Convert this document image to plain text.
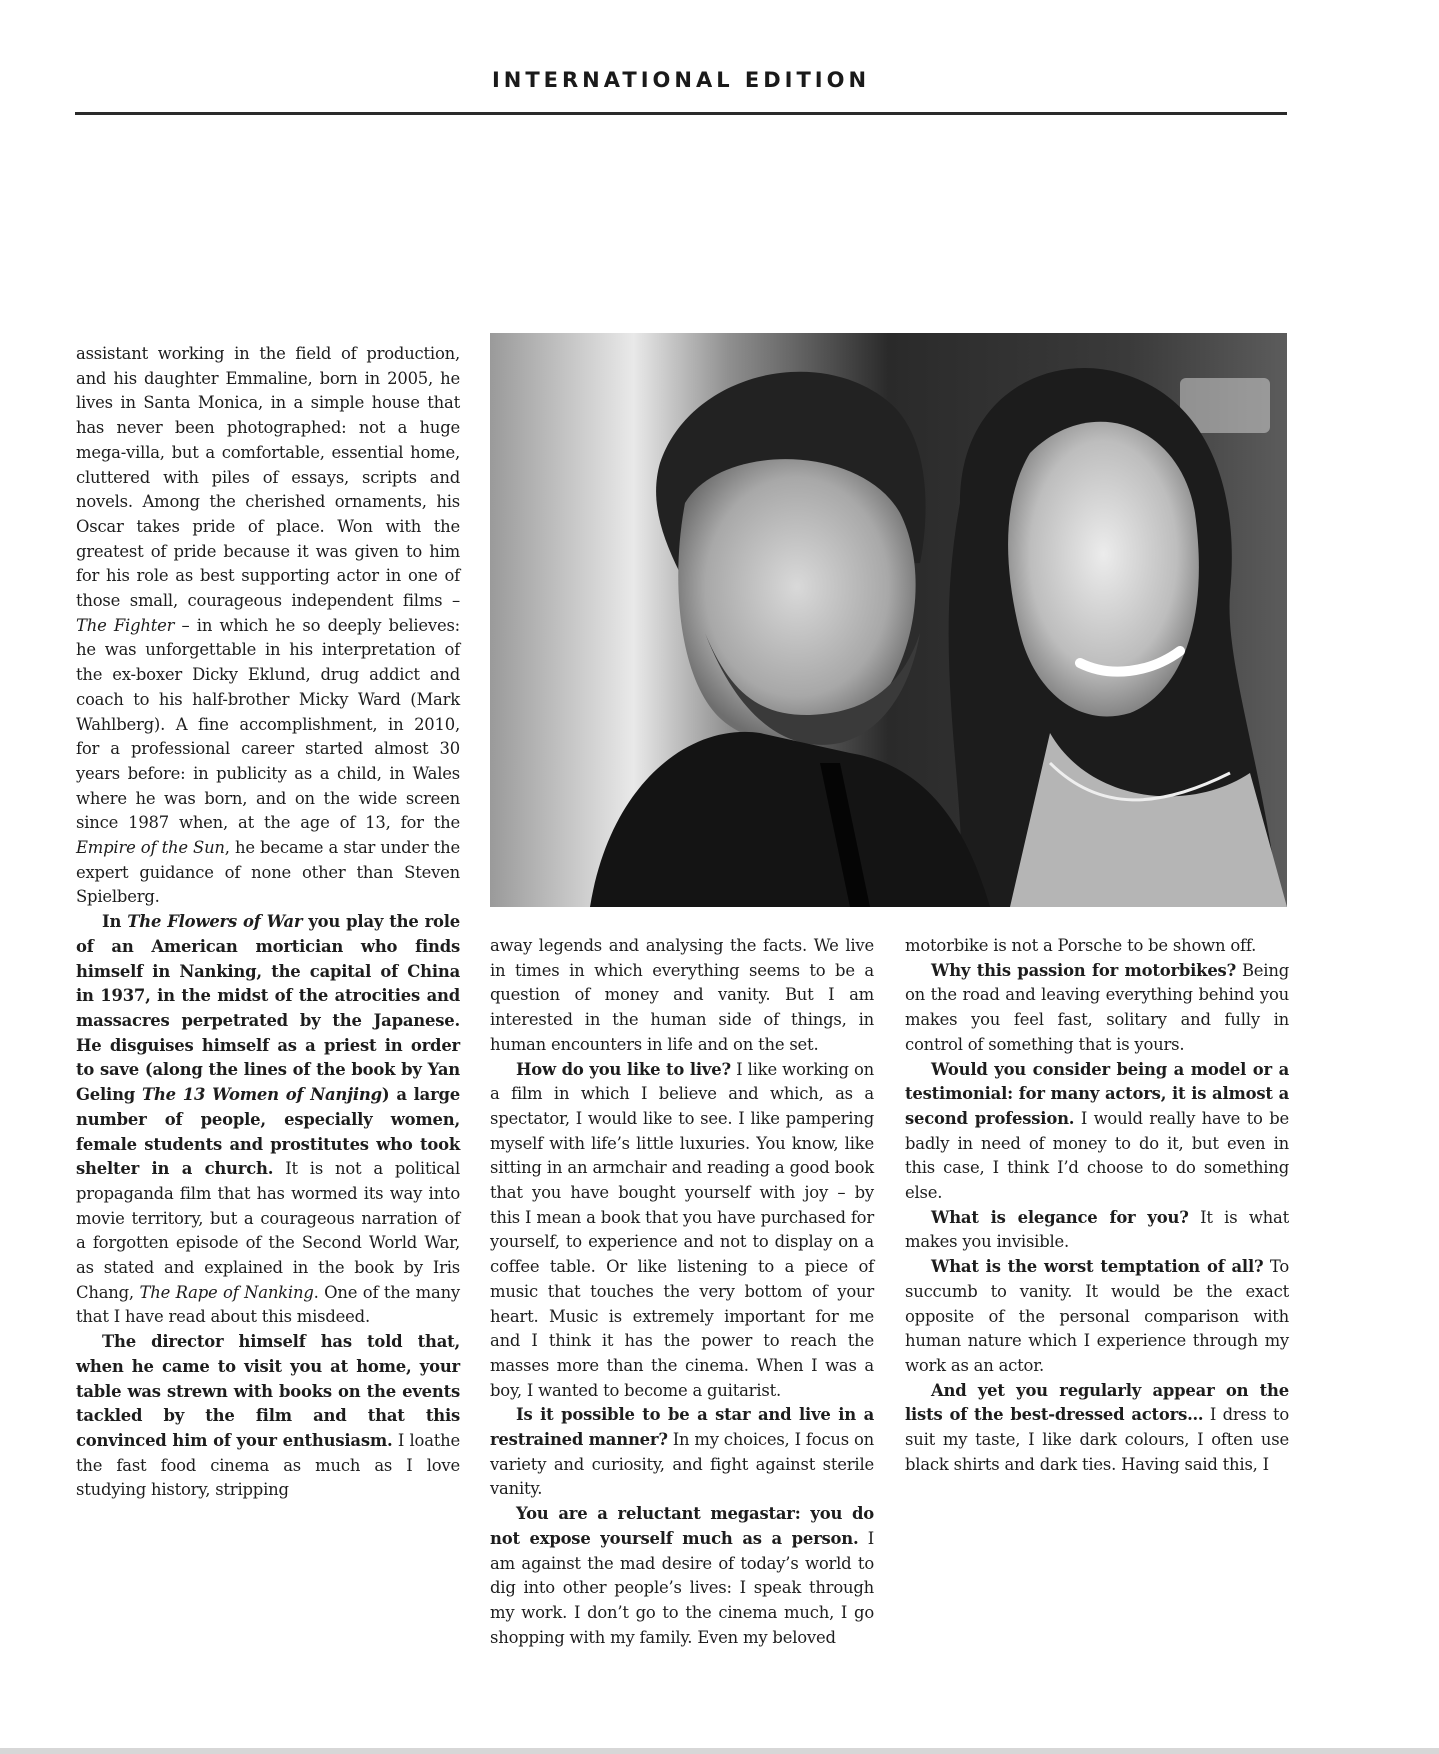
INTERNATIONAL EDITION

assistant working in the field of production, and his daughter Emmaline, born in 2005, he lives in Santa Monica, in a simple house that has never been photographed: not a huge mega-villa, but a comfortable, essential home, cluttered with piles of essays, scripts and novels. Among the cherished ornaments, his Oscar takes pride of place. Won with the greatest of pride because it was given to him for his role as best supporting actor in one of those small, courageous independent films – The Fighter – in which he so deeply believes: he was unforgettable in his interpretation of the ex-boxer Dicky Eklund, drug addict and coach to his half-brother Micky Ward (Mark Wahlberg). A fine accomplishment, in 2010, for a professional career started almost 30 years before: in publicity as a child, in Wales where he was born, and on the wide screen since 1987 when, at the age of 13, for the Empire of the Sun, he became a star under the expert guidance of none other than Steven Spielberg.

In The Flowers of War you play the role of an American mortician who finds himself in Nanking, the capital of China in 1937, in the midst of the atrocities and massacres perpetrated by the Japanese. He disguises himself as a priest in order to save (along the lines of the book by Yan Geling The 13 Women of Nanjing) a large number of people, especially women, female students and prostitutes who took shelter in a church. It is not a political propaganda film that has wormed its way into movie territory, but a courageous narration of a forgotten episode of the Second World War, as stated and explained in the book by Iris Chang, The Rape of Nanking. One of the many that I have read about this misdeed.

The director himself has told that, when he came to visit you at home, your table was strewn with books on the events tackled by the film and that this convinced him of your enthusiasm. I loathe the fast food cinema as much as I love studying history, stripping

away legends and analysing the facts. We live in times in which everything seems to be a question of money and vanity. But I am interested in the human side of things, in human encounters in life and on the set.

How do you like to live? I like working on a film in which I believe and which, as a spectator, I would like to see. I like pampering myself with life’s little luxuries. You know, like sitting in an armchair and reading a good book that you have bought yourself with joy – by this I mean a book that you have purchased for yourself, to experience and not to display on a coffee table. Or like listening to a piece of music that touches the very bottom of your heart. Music is extremely important for me and I think it has the power to reach the masses more than the cinema. When I was a boy, I wanted to become a guitarist.

Is it possible to be a star and live in a restrained manner? In my choices, I focus on variety and curiosity, and fight against sterile vanity.

You are a reluctant megastar: you do not expose yourself much as a person. I am against the mad desire of today’s world to dig into other people’s lives: I speak through my work. I don’t go to the cinema much, I go shopping with my family. Even my beloved

motorbike is not a Porsche to be shown off.

Why this passion for motorbikes? Being on the road and leaving everything behind you makes you feel fast, solitary and fully in control of something that is yours.

Would you consider being a model or a testimonial: for many actors, it is almost a second profession. I would really have to be badly in need of money to do it, but even in this case, I think I’d choose to do something else.

What is elegance for you? It is what makes you invisible.

What is the worst temptation of all? To succumb to vanity. It would be the exact opposite of the personal comparison with human nature which I experience through my work as an actor.

And yet you regularly appear on the lists of the best-dressed actors… I dress to suit my taste, I like dark colours, I often use black shirts and dark ties. Having said this, I
